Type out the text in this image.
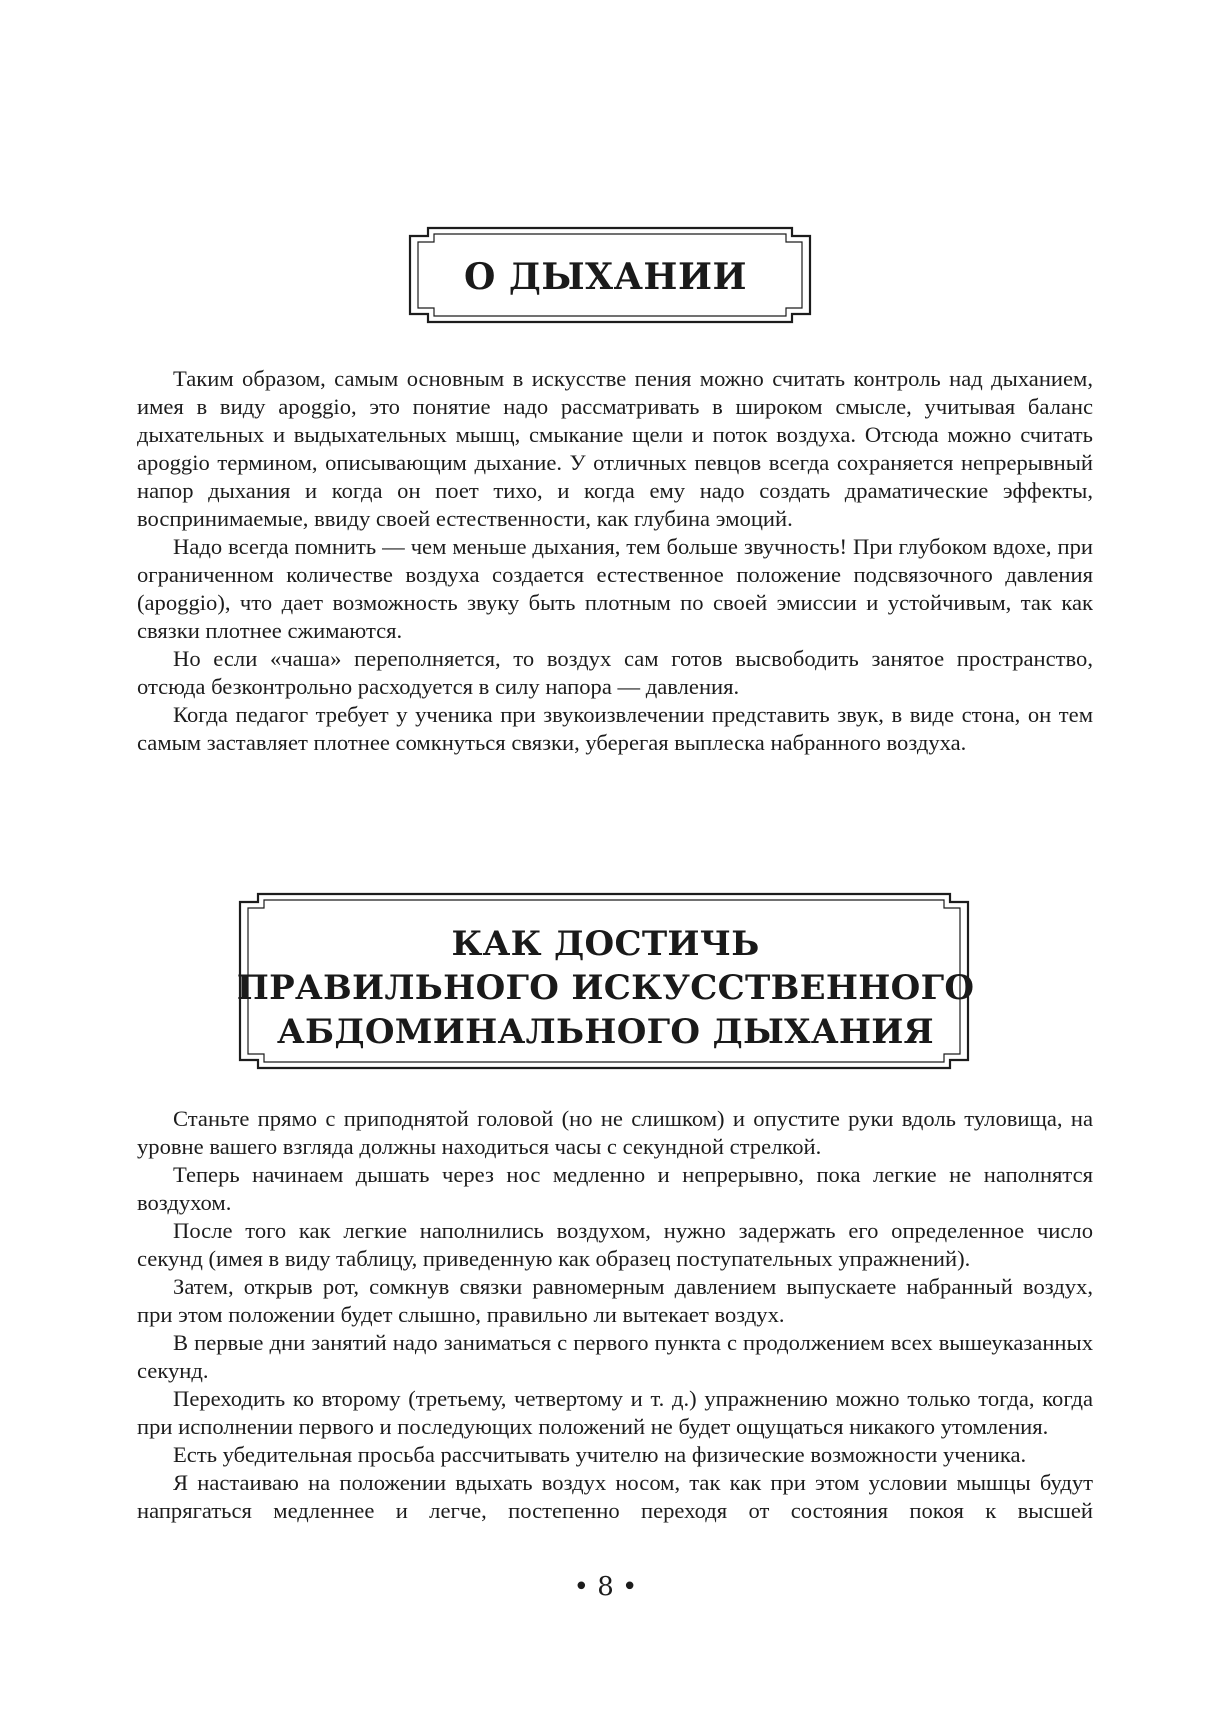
О ДЫХАНИИ

Таким образом, самым основным в искусстве пения можно считать контроль над дыханием, имея в виду apoggio, это понятие надо рассматривать в широком смысле, учитывая баланс дыхательных и выдыхательных мышц, смыкание щели и поток воздуха. Отсюда можно считать apoggio термином, описывающим дыхание. У отличных певцов всегда сохраняется непрерывный напор дыхания и когда он поет тихо, и когда ему надо создать драматические эффекты, воспринимаемые, ввиду своей естественности, как глубина эмоций.

Надо всегда помнить — чем меньше дыхания, тем больше звучность! При глубоком вдохе, при ограниченном количестве воздуха создается естественное положение подсвязочного давления (apoggio), что дает возможность звуку быть плотным по своей эмиссии и устойчивым, так как связки плотнее сжимаются.

Но если «чаша» переполняется, то воздух сам готов высвободить занятое пространство, отсюда безконтрольно расходуется в силу напора — давления.

Когда педагог требует у ученика при звукоизвлечении представить звук, в виде стона, он тем самым заставляет плотнее сомкнуться связки, уберегая выплеска набранного воздуха.

КАК ДОСТИЧЬ
ПРАВИЛЬНОГО ИСКУССТВЕННОГО
АБДОМИНАЛЬНОГО ДЫХАНИЯ

Станьте прямо с приподнятой головой (но не слишком) и опустите руки вдоль туловища, на уровне вашего взгляда должны находиться часы с секундной стрелкой.

Теперь начинаем дышать через нос медленно и непрерывно, пока легкие не наполнятся воздухом.

После того как легкие наполнились воздухом, нужно задержать его определенное число секунд (имея в виду таблицу, приведенную как образец поступательных упражнений).

Затем, открыв рот, сомкнув связки равномерным давлением выпускаете набранный воздух, при этом положении будет слышно, правильно ли вытекает воздух.

В первые дни занятий надо заниматься с первого пункта с продолжением всех вышеуказанных секунд.

Переходить ко второму (третьему, четвертому и т. д.) упражнению можно только тогда, когда при исполнении первого и последующих положений не будет ощущаться никакого утомления.

Есть убедительная просьба рассчитывать учителю на физические возможности ученика.

Я настаиваю на положении вдыхать воздух носом, так как при этом условии мышцы будут напрягаться медленнее и легче, постепенно переходя от состояния покоя к высшей

• 8 •
